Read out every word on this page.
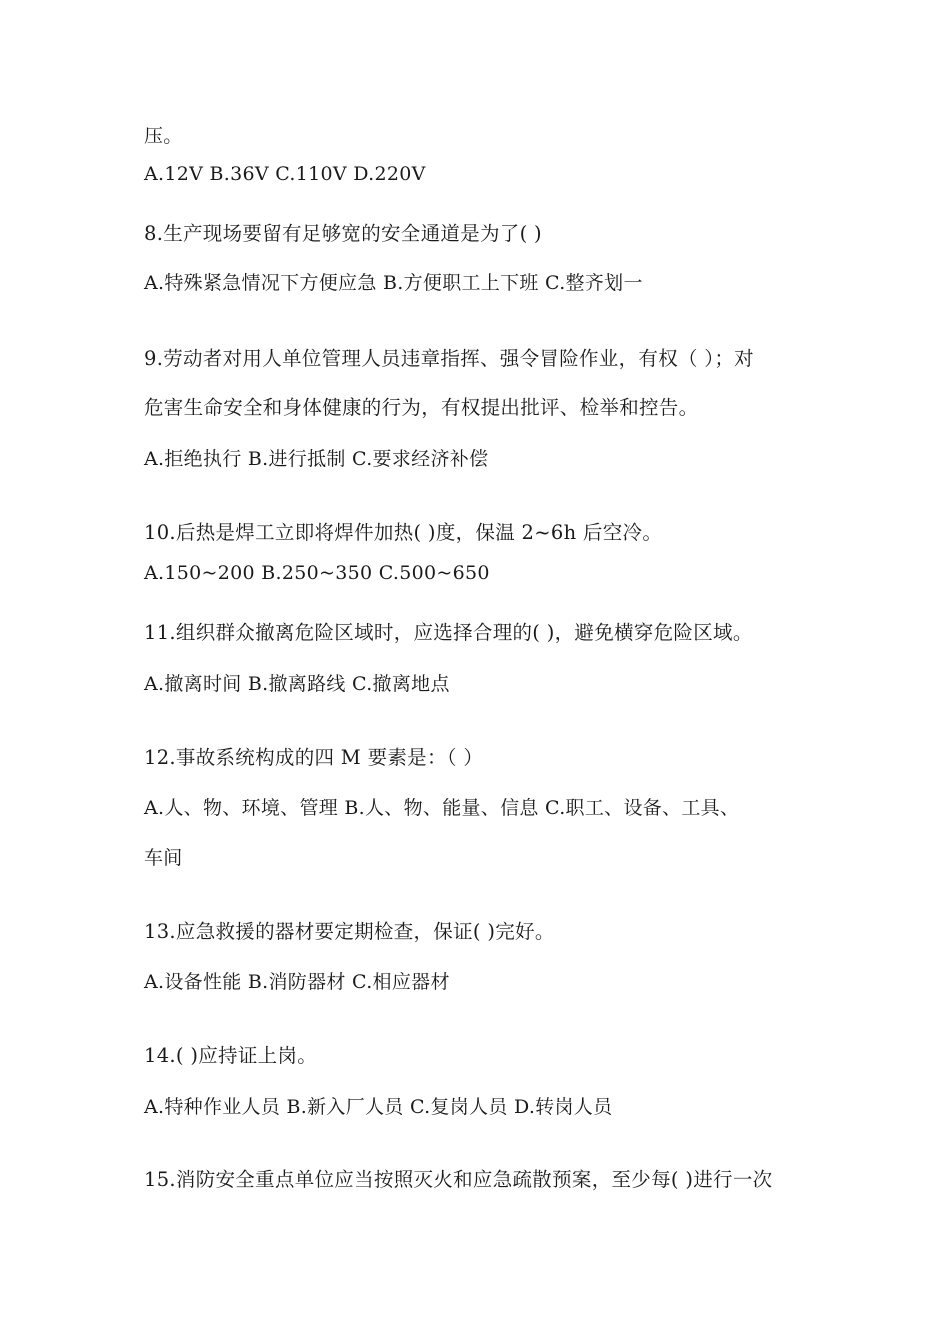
压。
A.12V B.36V C.110V D.220V
8.生产现场要留有足够宽的安全通道是为了( )
A.特殊紧急情况下方便应急 B.方便职工上下班 C.整齐划一
9.劳动者对用人单位管理人员违章指挥、强令冒险作业，有权（ ）；对
危害生命安全和身体健康的行为，有权提出批评、检举和控告。
A.拒绝执行 B.进行抵制 C.要求经济补偿
10.后热是焊工立即将焊件加热( )度，保温 2~6h 后空冷。
A.150~200 B.250~350 C.500~650
11.组织群众撤离危险区域时，应选择合理的( )，避免横穿危险区域。
A.撤离时间 B.撤离路线 C.撤离地点
12.事故系统构成的四 M 要素是：（ ）
A.人、物、环境、管理 B.人、物、能量、信息 C.职工、设备、工具、
车间
13.应急救援的器材要定期检查，保证( )完好。
A.设备性能 B.消防器材 C.相应器材
14.( )应持证上岗。
A.特种作业人员 B.新入厂人员 C.复岗人员 D.转岗人员
15.消防安全重点单位应当按照灭火和应急疏散预案，至少每( )进行一次
